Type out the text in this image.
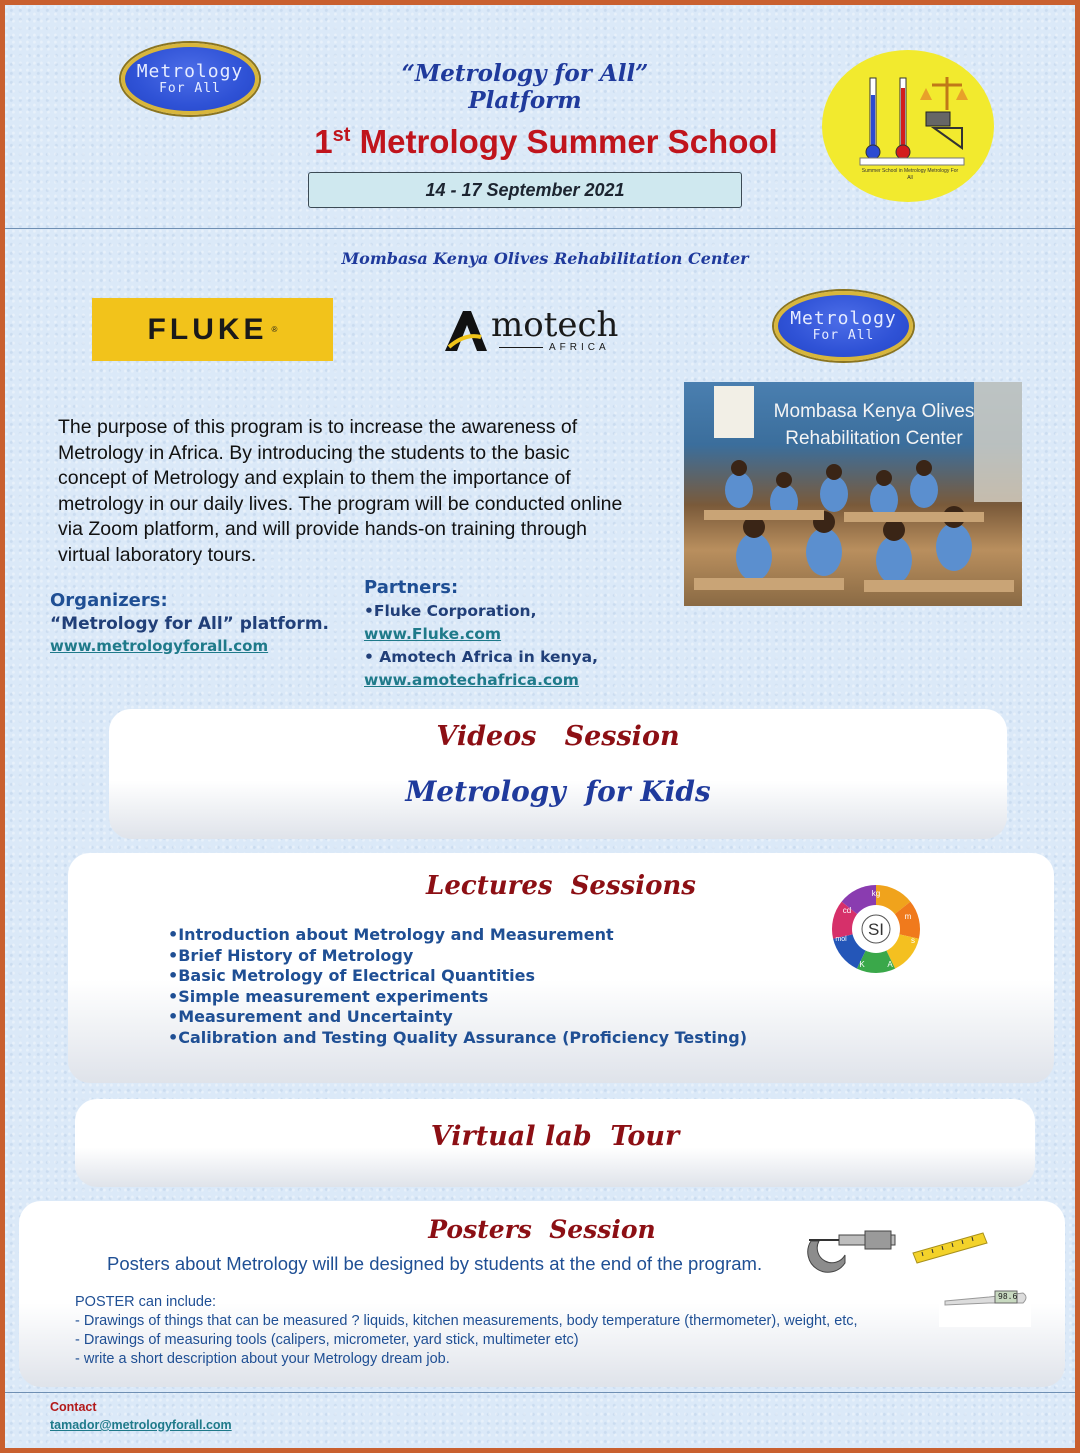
Metrology
For All
“Metrology for All” Platform
1st Metrology Summer School
14 - 17 September 2021
Summer School in Metrology Metrology For All
Mombasa Kenya Olives Rehabilitation Center
FLUKE ®	motech
AFRICA
Metrology
For All
The purpose of this program is to increase the awareness of Metrology in Africa. By introducing the students to the basic concept of Metrology and explain to them the importance of metrology in our daily lives. The program will be conducted online via Zoom platform, and will provide hands-on training through virtual laboratory tours.
Mombasa Kenya Olives Rehabilitation Center
Organizers:
“Metrology for All” platform.
www.metrologyforall.com
Partners:
•Fluke Corporation,
www.Fluke.com
• Amotech Africa in kenya,
www.amotechafrica.com
Videos   Session
Metrology  for Kids
Lectures  Sessions
•Introduction about Metrology and Measurement
•Brief History of Metrology
•Basic Metrology of Electrical Quantities
•Simple measurement experiments
•Measurement and Uncertainty
•Calibration and Testing Quality Assurance (Proficiency Testing)
SI
kg
m
s
A
K
mol
cd
Virtual lab  Tour
Posters  Session
Posters about Metrology will be designed by students at the end of the program.
POSTER can include:
- Drawings of things that can be measured ? liquids, kitchen measurements, body temperature (thermometer), weight, etc,
- Drawings of measuring tools (calipers, micrometer, yard stick, multimeter etc)
- write a short description about your Metrology dream job.
98.6
Contact
tamador@metrologyforall.com
